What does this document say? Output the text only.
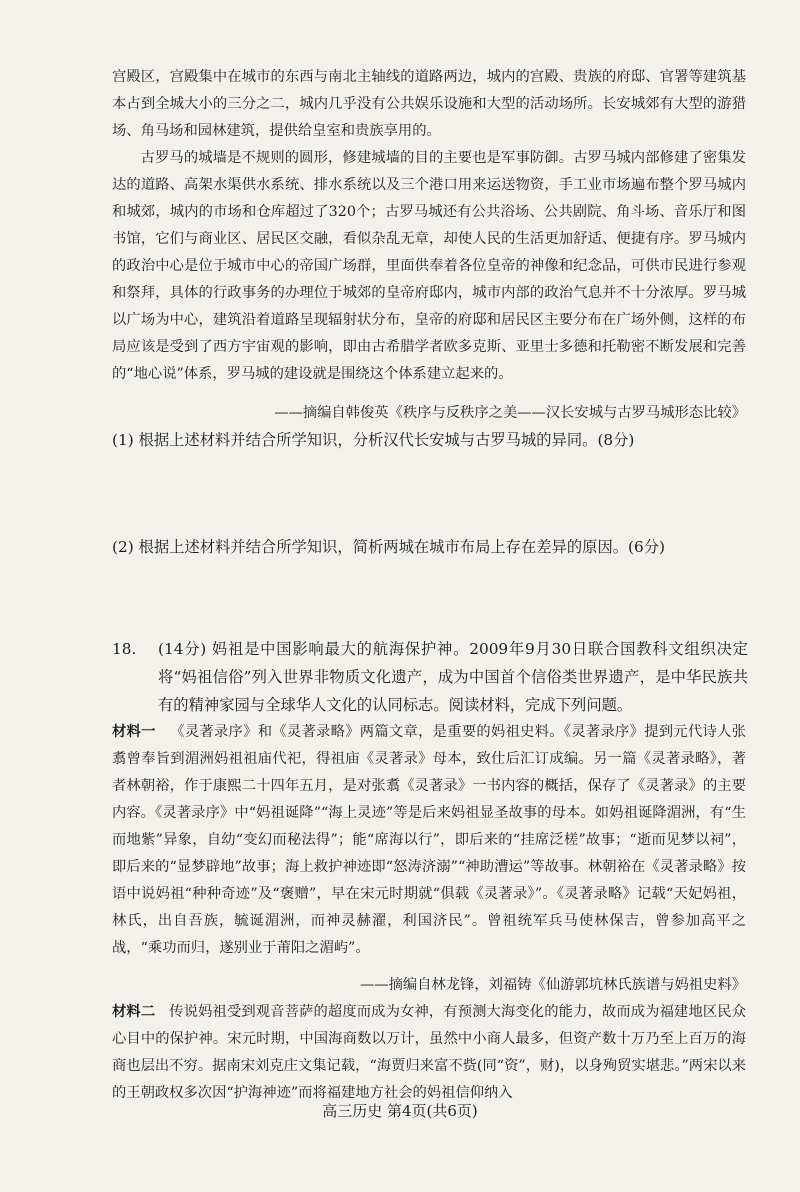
宫殿区，宫殿集中在城市的东西与南北主轴线的道路两边，城内的宫殿、贵族的府邸、官署等建筑基本占到全城大小的三分之二，城内几乎没有公共娱乐设施和大型的活动场所。长安城郊有大型的游猎场、角马场和园林建筑，提供给皇室和贵族享用的。
古罗马的城墙是不规则的圆形，修建城墙的目的主要也是军事防御。古罗马城内部修建了密集发达的道路、高架水渠供水系统、排水系统以及三个港口用来运送物资，手工业市场遍布整个罗马城内和城郊，城内的市场和仓库超过了320个；古罗马城还有公共浴场、公共剧院、角斗场、音乐厅和图书馆，它们与商业区、居民区交融，看似杂乱无章，却使人民的生活更加舒适、便捷有序。罗马城内的政治中心是位于城市中心的帝国广场群，里面供奉着各位皇帝的神像和纪念品，可供市民进行参观和祭拜，具体的行政事务的办理位于城郊的皇帝府邸内，城市内部的政治气息并不十分浓厚。罗马城以广场为中心，建筑沿着道路呈现辐射状分布，皇帝的府邸和居民区主要分布在广场外侧，这样的布局应该是受到了西方宇宙观的影响，即由古希腊学者欧多克斯、亚里士多德和托勒密不断发展和完善的“地心说”体系，罗马城的建设就是围绕这个体系建立起来的。
——摘编自韩俊英《秩序与反秩序之美——汉长安城与古罗马城形态比较》
(1) 根据上述材料并结合所学知识，分析汉代长安城与古罗马城的异同。(8分)
(2) 根据上述材料并结合所学知识，简析两城在城市布局上存在差异的原因。(6分)
18. (14分) 妈祖是中国影响最大的航海保护神。2009年9月30日联合国教科文组织决定将“妈祖信俗”列入世界非物质文化遗产，成为中国首个信俗类世界遗产，是中华民族共有的精神家园与全球华人文化的认同标志。阅读材料，完成下列问题。
材料一 《灵著录序》和《灵著录略》两篇文章，是重要的妈祖史料。《灵著录序》提到元代诗人张翥曾奉旨到湄洲妈祖祖庙代祀，得祖庙《灵著录》母本，致仕后汇订成编。另一篇《灵著录略》，著者林朝裕，作于康熙二十四年五月，是对张翥《灵著录》一书内容的概括，保存了《灵著录》的主要内容。《灵著录序》中“妈祖诞降”“海上灵迹”等是后来妈祖显圣故事的母本。如妈祖诞降湄洲，有“生而地紫”异象，自幼“变幻而秘法得”；能“席海以行”，即后来的“挂席泛槎”故事；“逝而见梦以祠”，即后来的“显梦辟地”故事；海上救护神迹即“怒涛济溺”“神助漕运”等故事。林朝裕在《灵著录略》按语中说妈祖“种种奇迹”及“褒赠”，早在宋元时期就“俱载《灵著录》”。《灵著录略》记载“天妃妈祖，林氏，出自吾族，毓诞湄洲，而神灵赫濯，利国济民”。曾祖统军兵马使林保吉，曾参加高平之战，“乘功而归，遂别业于莆阳之湄屿”。
——摘编自林龙锋，刘福铸《仙游郭坑林氏族谱与妈祖史料》
材料二 传说妈祖受到观音菩萨的超度而成为女神，有预测大海变化的能力，故而成为福建地区民众心目中的保护神。宋元时期，中国海商数以万计，虽然中小商人最多，但资产数十万乃至上百万的海商也层出不穷。据南宋刘克庄文集记载，“海贾归来富不赀(同“资”，财)，以身殉贸实堪悲。”两宋以来的王朝政权多次因“护海神迹”而将福建地方社会的妈祖信仰纳入
高三历史 第4页(共6页)
